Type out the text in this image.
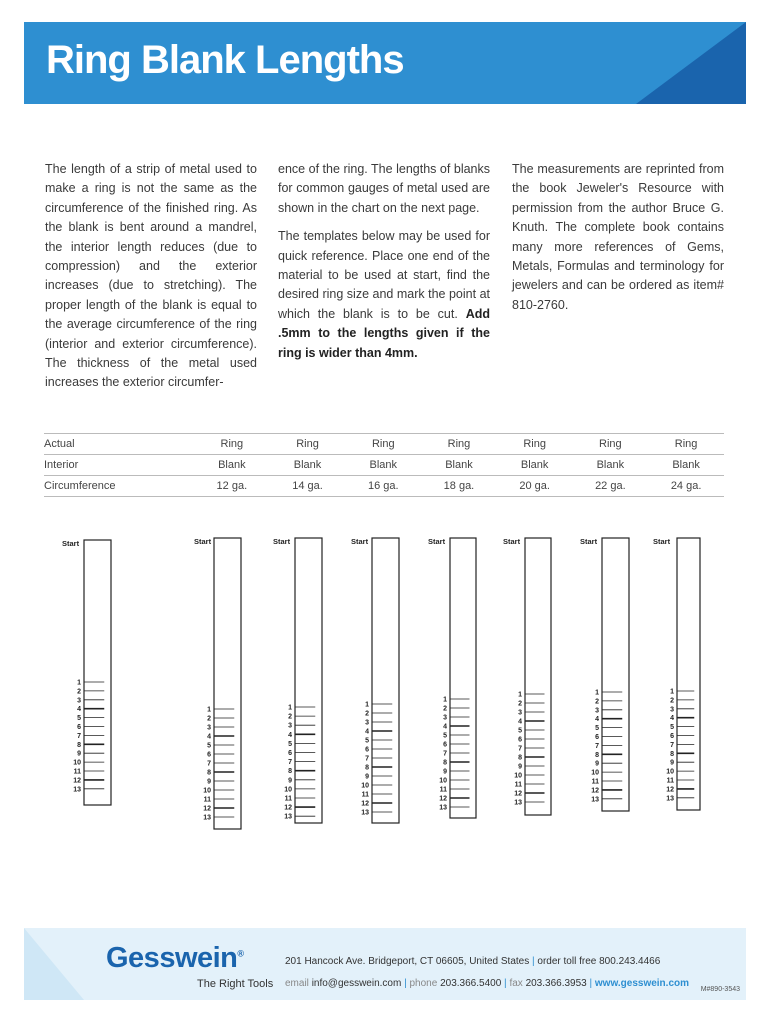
Ring Blank Lengths

The length of a strip of metal used to make a ring is not the same as the circumference of the finished ring. As the blank is bent around a mandrel, the interior length reduces (due to compression) and the exterior increases (due to stretching). The proper length of the blank is equal to the average circumference of the ring (interior and exterior circumference). The thickness of the metal used increases the exterior circumfer-

ence of the ring. The lengths of blanks for common gauges of metal used are shown in the chart on the next page.

The templates below may be used for quick reference. Place one end of the material to be used at start, find the desired ring size and mark the point at which the blank is to be cut. Add .5mm to the lengths given if the ring is wider than 4mm.

The measurements are reprinted from the book Jeweler's Resource with permission from the author Bruce G. Knuth. The complete book contains many more references of Gems, Metals, Formulas and terminology for jewelers and can be ordered as item# 810-2760.

Actual	Ring	Ring	Ring	Ring	Ring	Ring	Ring
Interior	Blank	Blank	Blank	Blank	Blank	Blank	Blank
Circumference	12 ga.	14 ga.	16 ga.	18 ga.	20 ga.	22 ga.	24 ga.
Start
1
2
3
4
5
6
7
8
9
10
11
12
13
Start
1
2
3
4
5
6
7
8
9
10
11
12
13
Start
1
2
3
4
5
6
7
8
9
10
11
12
13
Start
1
2
3
4
5
6
7
8
9
10
11
12
13
Start
1
2
3
4
5
6
7
8
9
10
11
12
13
Start
1
2
3
4
5
6
7
8
9
10
11
12
13
Start
1
2
3
4
5
6
7
8
9
10
11
12
13
Start
1
2
3
4
5
6
7
8
9
10
11
12
13
Gesswein®
The Right Tools
201 Hancock Ave. Bridgeport, CT 06605, United States | order toll free 800.243.4466
email info@gesswein.com | phone 203.366.5400 | fax 203.366.3953 | www.gesswein.com
M#890-3543
